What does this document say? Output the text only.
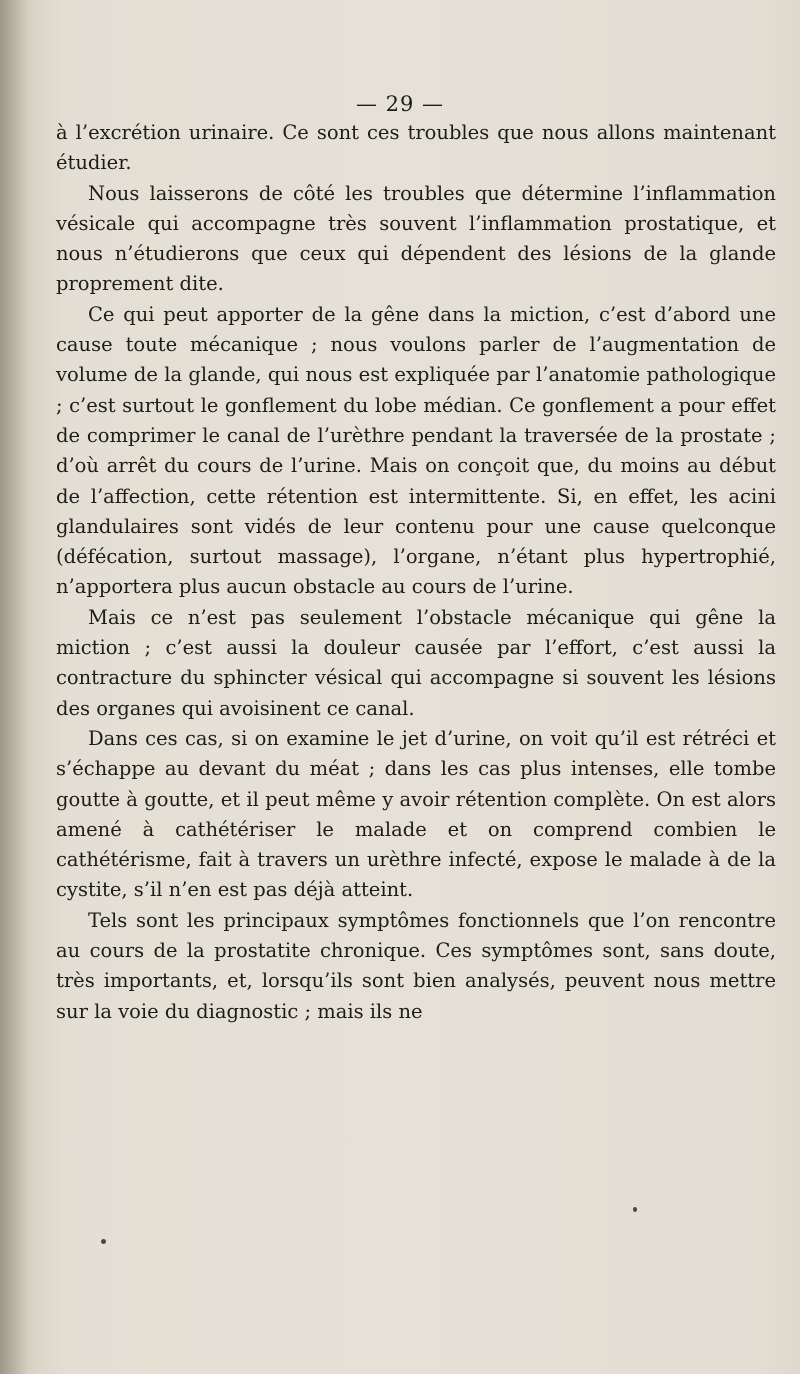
— 29 —

à l’excrétion urinaire. Ce sont ces troubles que nous allons maintenant étudier.

Nous laisserons de côté les troubles que détermine l’inflammation vésicale qui accompagne très souvent l’inflammation prostatique, et nous n’étudierons que ceux qui dépendent des lésions de la glande proprement dite.

Ce qui peut apporter de la gêne dans la miction, c’est d’abord une cause toute mécanique ; nous voulons parler de l’augmentation de volume de la glande, qui nous est expliquée par l’anatomie pathologique ; c’est surtout le gonflement du lobe médian. Ce gonflement a pour effet de comprimer le canal de l’urèthre pendant la traversée de la prostate ; d’où arrêt du cours de l’urine. Mais on conçoit que, du moins au début de l’affection, cette rétention est intermittente. Si, en effet, les acini glandulaires sont vidés de leur contenu pour une cause quelconque (défécation, surtout massage), l’organe, n’étant plus hypertrophié, n’apportera plus aucun obstacle au cours de l’urine.

Mais ce n’est pas seulement l’obstacle mécanique qui gêne la miction ; c’est aussi la douleur causée par l’effort, c’est aussi la contracture du sphincter vésical qui accompagne si souvent les lésions des organes qui avoisinent ce canal.

Dans ces cas, si on examine le jet d’urine, on voit qu’il est rétréci et s’échappe au devant du méat ; dans les cas plus intenses, elle tombe goutte à goutte, et il peut même y avoir rétention complète. On est alors amené à cathétériser le malade et on comprend combien le cathétérisme, fait à travers un urèthre infecté, expose le malade à de la cystite, s’il n’en est pas déjà atteint.

Tels sont les principaux symptômes fonctionnels que l’on rencontre au cours de la prostatite chronique. Ces symptômes sont, sans doute, très importants, et, lorsqu’ils sont bien analysés, peuvent nous mettre sur la voie du diagnostic ; mais ils ne
